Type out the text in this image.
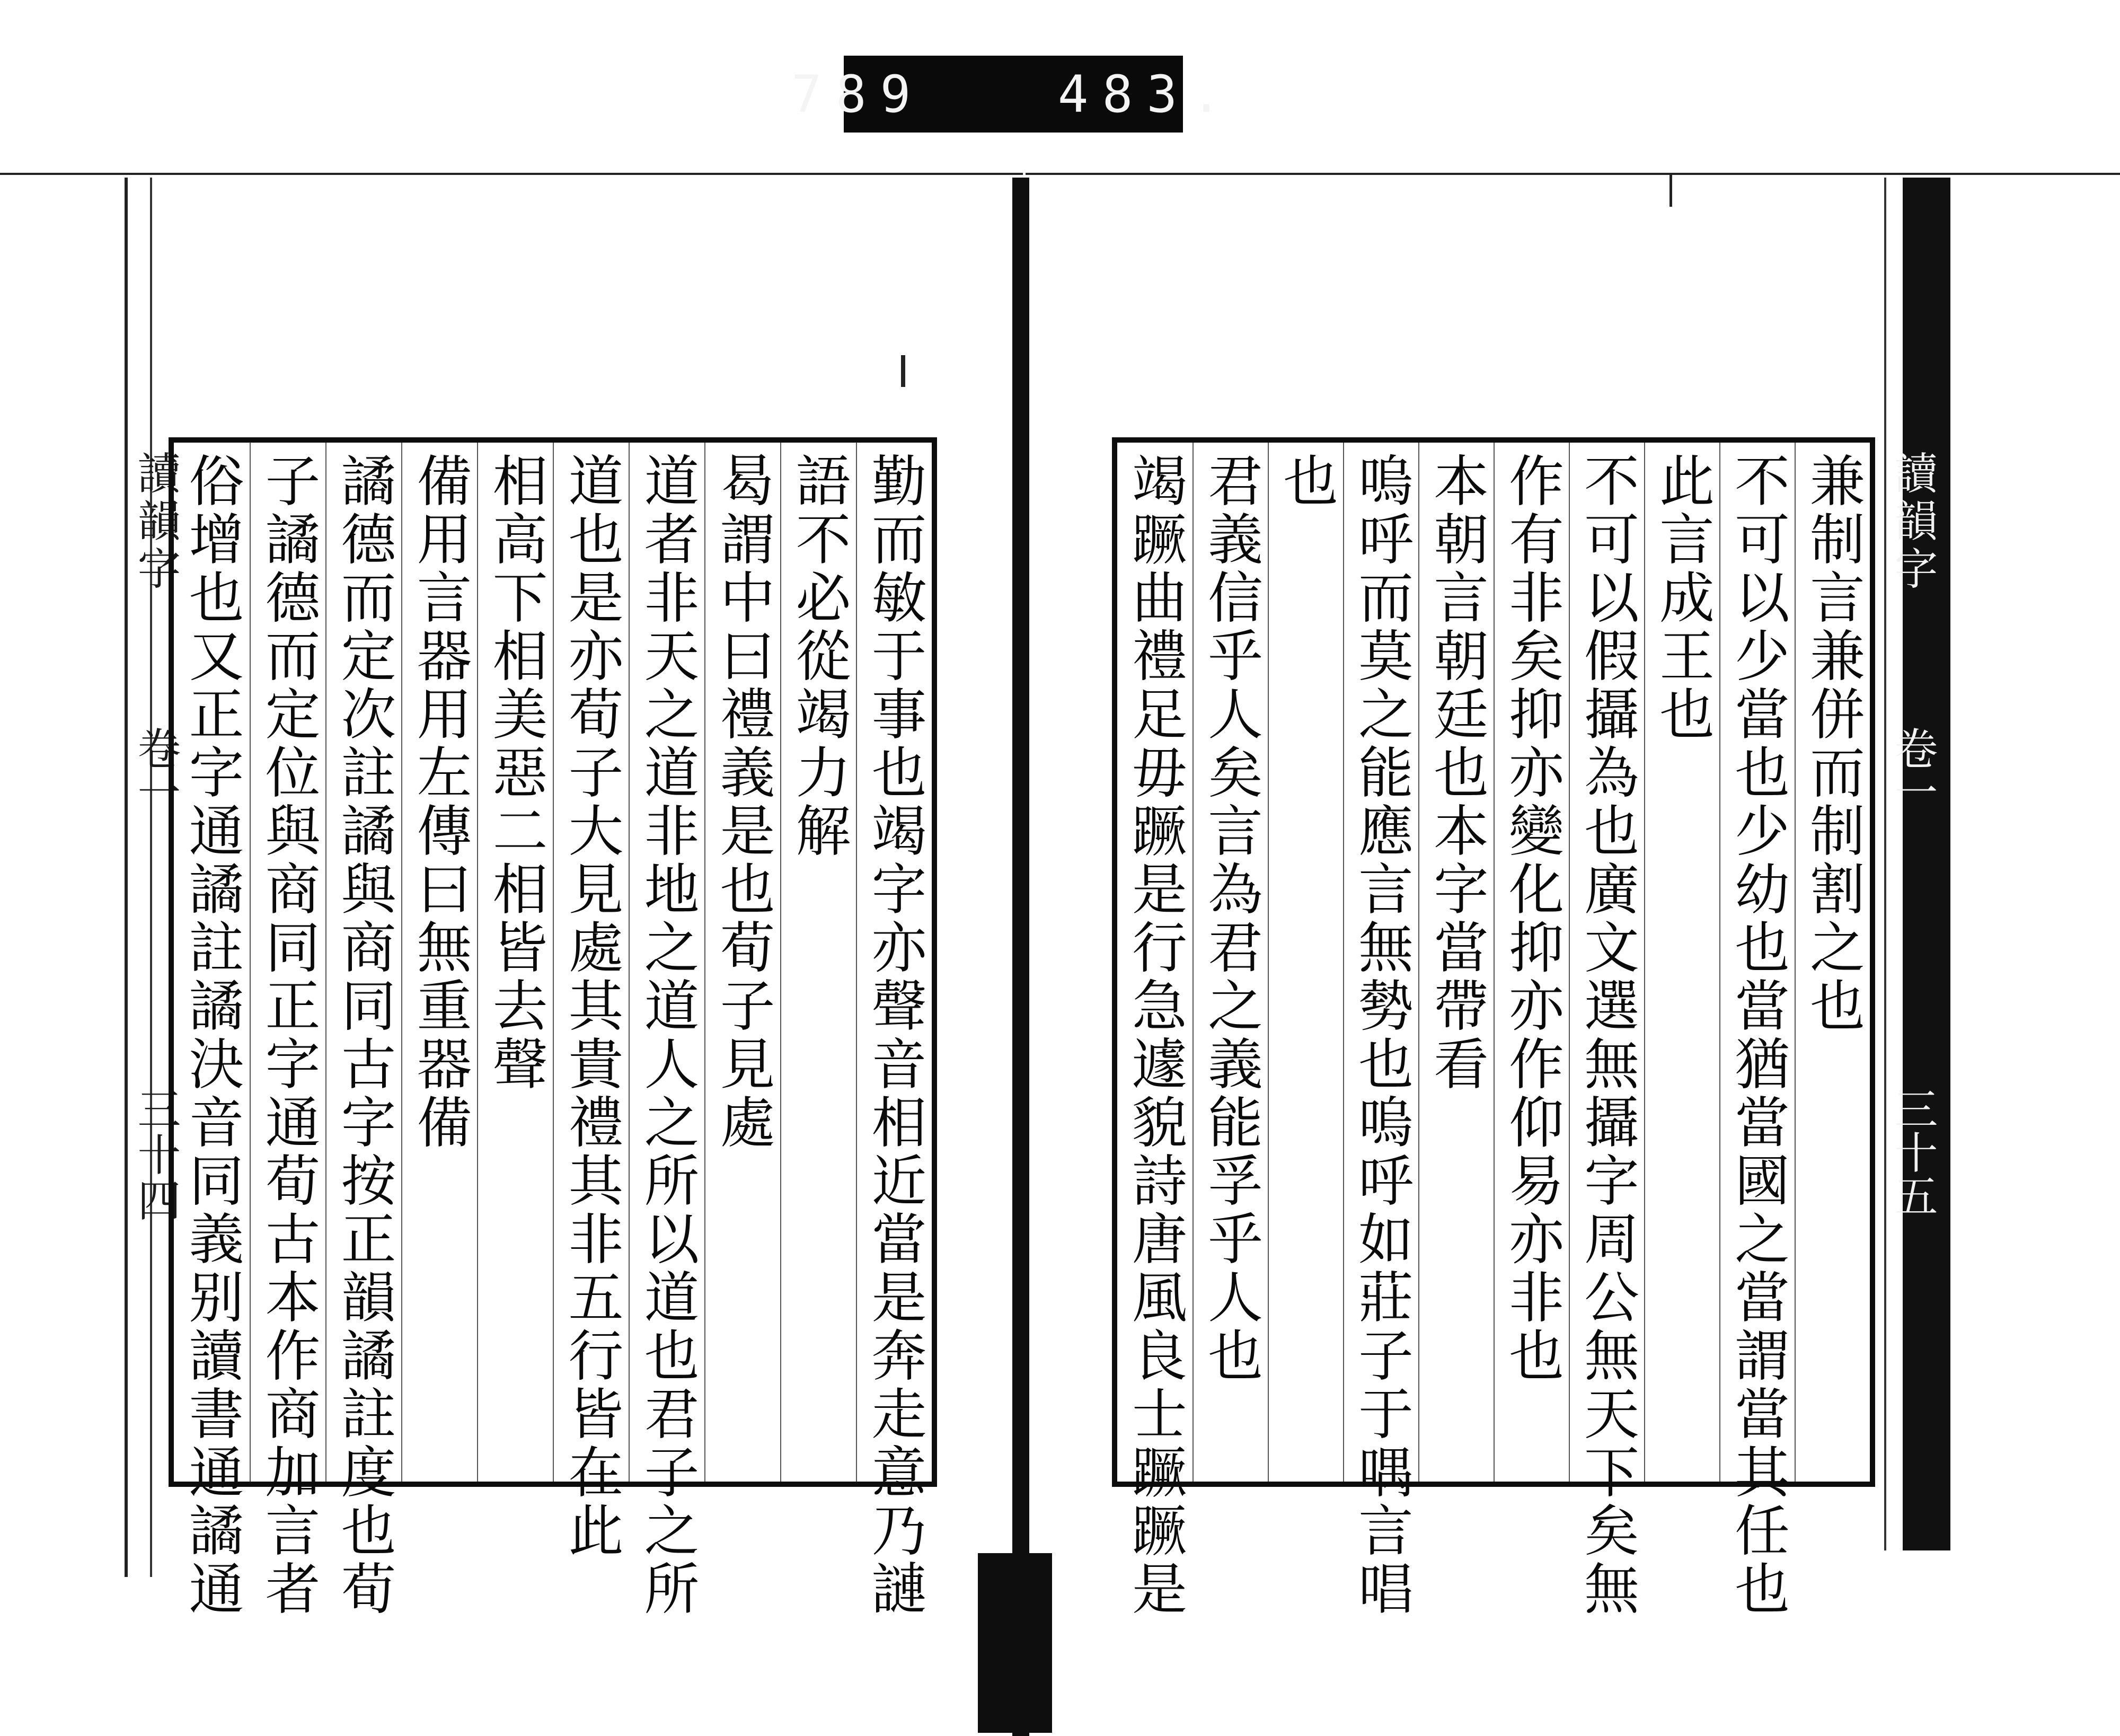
789   483.
讀韻字
卷一
三十四
讀韻字
卷一
三十五
勤而敏于事也竭字亦聲音相近當是奔走意乃謰
語不必從竭力解
曷謂中曰禮義是也荀子見處
道者非天之道非地之道人之所以道也君子之所
道也是亦荀子大見處其貴禮其非五行皆在此
相高下相美惡二相皆去聲
備用言器用左傳曰無重器備
譎德而定次註譎與商同古字按正韻譎註度也荀
子譎德而定位與商同正字通荀古本作商加言者
俗增也又正字通譎註譎決音同義别讀書通譎通	兼制言兼併而制割之也
不可以少當也少幼也當猶當國之當謂當其任也
此言成王也
不可以假攝為也廣文選無攝字周公無天下矣無
作有非矣抑亦變化抑亦作仰易亦非也
本朝言朝廷也本字當帶看
嗚呼而莫之能應言無勢也嗚呼如莊子于喁言唱
也
君義信乎人矣言為君之義能孚乎人也
竭蹶曲禮足毋蹶是行急遽貌詩唐風良士蹶蹶是
